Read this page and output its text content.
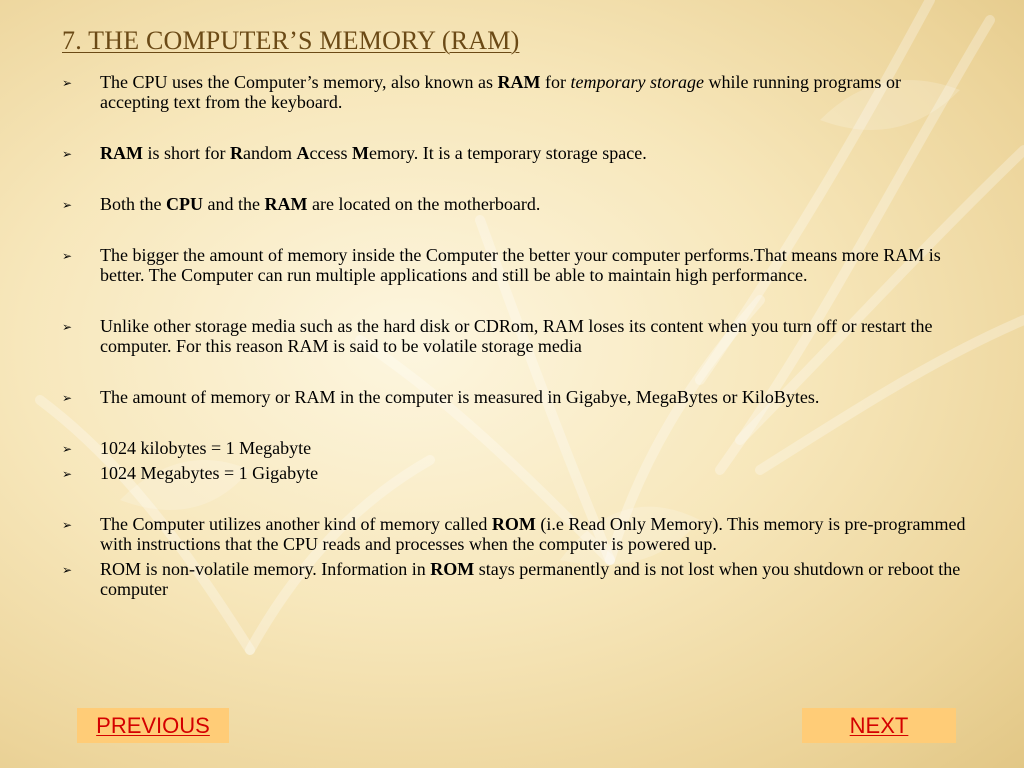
7. THE COMPUTER’S MEMORY (RAM)
➢ The CPU uses the Computer’s memory, also known as RAM for temporary storage while running programs or accepting text from the keyboard.
➢ RAM is short for Random Access Memory. It is a temporary storage space.
➢ Both the CPU and the RAM are located on the motherboard.
➢ The bigger the amount of memory inside the Computer the better your computer performs.That means more RAM is better. The Computer can run multiple applications and still be able to maintain high performance.
➢ Unlike other storage media such as the hard disk or CDRom, RAM loses its content when you turn off or restart the computer. For this reason RAM is said to be volatile storage media
➢ The amount of memory or RAM in the computer is measured in Gigabye, MegaBytes or KiloBytes.
➢ 1024 kilobytes = 1 Megabyte
➢ 1024 Megabytes = 1 Gigabyte
➢ The Computer utilizes another kind of memory called ROM (i.e Read Only Memory). This memory is pre-programmed with instructions that the CPU reads and processes when the computer is powered up.
➢ ROM is non-volatile memory. Information in ROM stays permanently and is not lost when you shutdown or reboot the computer
PREVIOUS	NEXT
